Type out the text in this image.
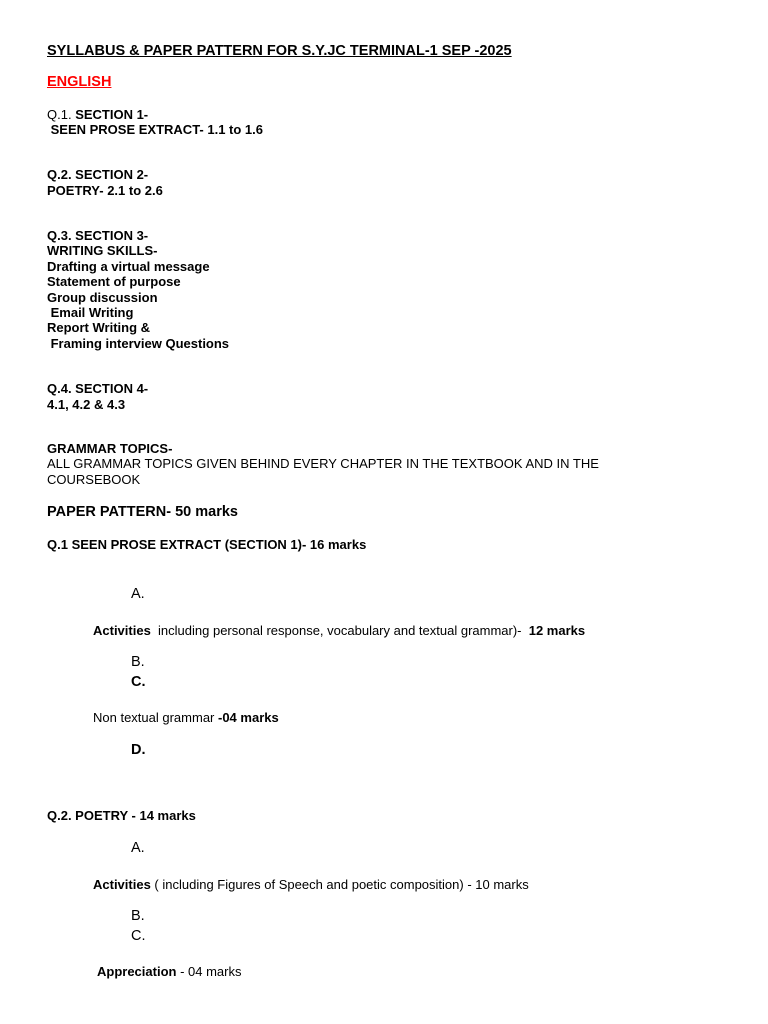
SYLLABUS & PAPER PATTERN FOR S.Y.JC TERMINAL-1 SEP -2025
ENGLISH
Q.1. SECTION 1-
SEEN PROSE EXTRACT- 1.1 to 1.6
Q.2. SECTION 2-
POETRY- 2.1 to 2.6
Q.3. SECTION 3-
WRITING SKILLS-
Drafting a virtual message
Statement of purpose
Group discussion
Email Writing
Report Writing &
Framing interview Questions
Q.4. SECTION 4-
4.1, 4.2 & 4.3
GRAMMAR TOPICS-
ALL GRAMMAR TOPICS GIVEN BEHIND EVERY CHAPTER IN THE TEXTBOOK AND IN THE
COURSEBOOK
PAPER PATTERN- 50 marks
Q.1 SEEN PROSE EXTRACT (SECTION 1)- 16 marks
A.
Activities  including personal response, vocabulary and textual grammar)-  12 marks
B.
C.
Non textual grammar -04 marks
D.
Q.2. POETRY - 14 marks
A.
Activities ( including Figures of Speech and poetic composition) - 10 marks
B.
C.
Appreciation - 04 marks
